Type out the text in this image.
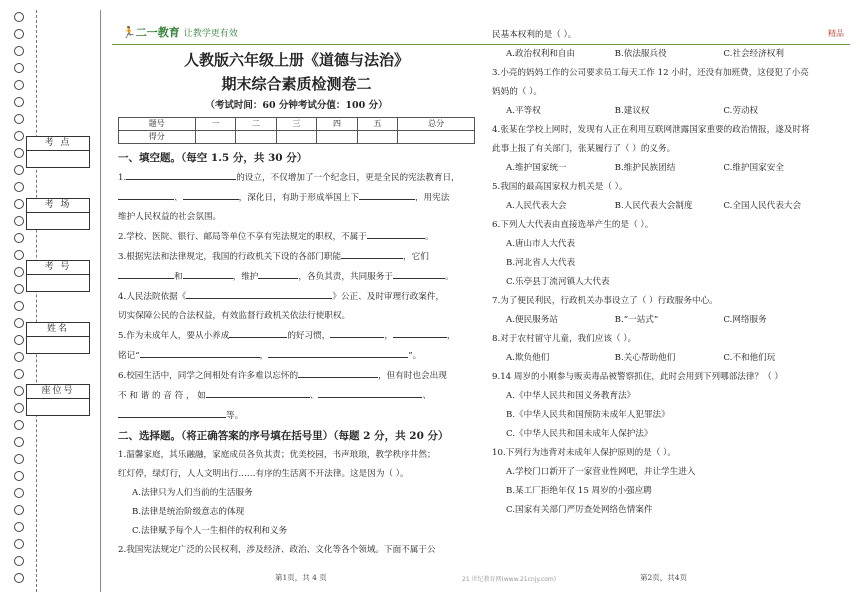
考 点
考 场
考 号
姓名
座位号
🏃二一教育 让教学更有效	精品
人教版六年级上册《道德与法治》
期末综合素质检测卷二
（考试时间：60 分钟考试分值：100 分）
题号	一	二	三	四	五	总分
得分						
一、填空题。（每空 1.5 分，共 30 分）
1.	的设立，不仅增加了一个纪念日，更是全民的宪法教育日，
、	，深化日，有助于形成举国上下	，用宪法
维护人民权益的社会氛围。
2.学校、医院、银行、邮局等单位不享有宪法规定的职权，不属于	。
3.根据宪法和法律规定，我国的行政机关下设的各部门职能	，它们
和	，维护	，各负其责，共同服务于	。
4.人民法院依据《	》公正、及时审理行政案件，
切实保障公民的合法权益，有效监督行政机关依法行使职权。
5.作为未成年人，要从小养成	的好习惯，	，	，
铭记“	，	”。
6.校园生活中，同学之间相处有许多难以忘怀的	，但有时也会出现
不 和 谐 的 音 符 ， 如	、	、
等。
二、选择题。（将正确答案的序号填在括号里）（每题 2 分，共 20 分）
1.温馨家庭，其乐融融，家庭成员各负其责；优美校园，书声琅琅，教学秩序井然；
红灯停，绿灯行，人人文明出行……有序的生活离不开法律。这是因为（ ）。
A.法律只为人们当前的生活服务
B.法律是统治阶级意志的体现
C.法律赋予每个人一生相伴的权利和义务
2.我国宪法规定广泛的公民权利，涉及经济、政治、文化等各个领域。下面不属于公
民基本权利的是（ ）。
A.政治权利和自由	B.依法服兵役	C.社会经济权利
3.小亮的妈妈工作的公司要求员工每天工作 12 小时，还没有加班费，这侵犯了小亮
妈妈的（ ）。
A.平等权	B.建议权	C.劳动权
4.张某在学校上网时，发现有人正在利用互联网泄露国家重要的政治情报，遂及时将
此事上报了有关部门，张某履行了（ ）的义务。
A.维护国家统一	B.维护民族团结	C.维护国家安全
5.我国的最高国家权力机关是（ ）。
A.人民代表大会	B.人民代表大会制度	C.全国人民代表大会
6.下列人大代表由直接选举产生的是（ ）。
A.唐山市人大代表
B.河北省人大代表
C.乐亭县丁流河镇人大代表
7.为了便民利民，行政机关办事设立了（ ）行政服务中心。
A.便民服务站	B.“一站式”	C.网络服务
8.对于农村留守儿童，我们应该（ ）。
A.欺负他们	B.关心帮助他们	C.不和他们玩
9.14 周岁的小刚参与贩卖毒品被警察抓住，此时会用到下列哪部法律？（ ）
A.《中华人民共和国义务教育法》
B.《中华人民共和国预防未成年人犯罪法》
C.《中华人民共和国未成年人保护法》
10.下列行为违背对未成年人保护原则的是（ ）。
A.学校门口新开了一家营业性网吧，并让学生进入
B.某工厂拒绝年仅 15 周岁的小强应聘
C.国家有关部门严厉查处网络色情案件
第1页，共 4 页	21 世纪教育网(www.21cnjy.com)	第2页，共4页
